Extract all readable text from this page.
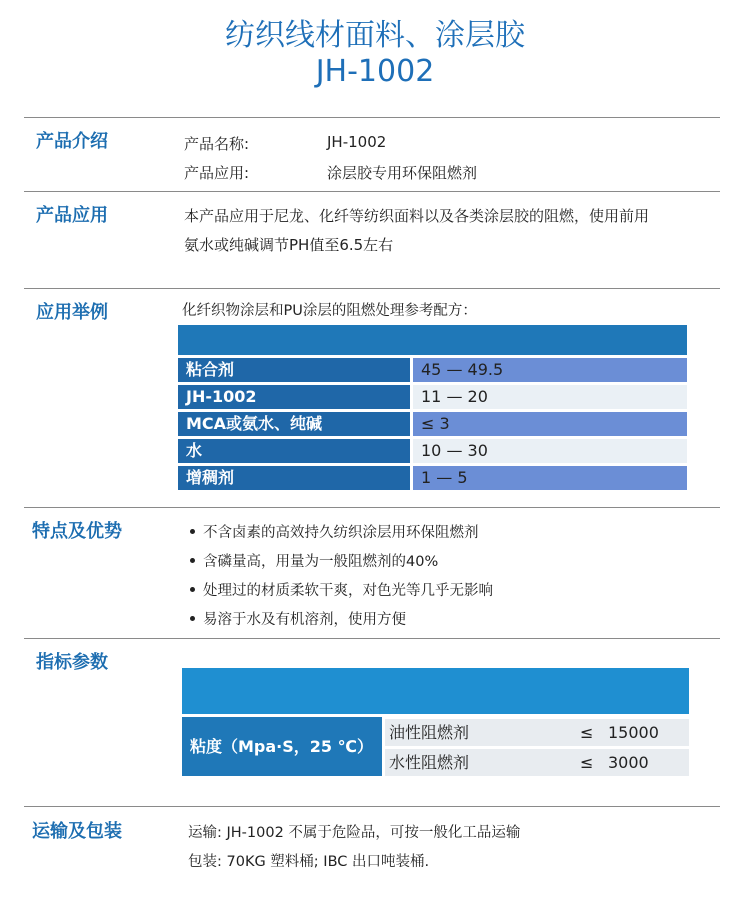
纺织线材面料、涂层胶
JH-1002
产品介绍	产品名称:	JH-1002
产品应用:	涂层胶专用环保阻燃剂
产品应用	本产品应用于尼龙、化纤等纺织面料以及各类涂层胶的阻燃，使用前用
氨水或纯碱调节PH值至6.5左右
应用举例	化纤织物涂层和PU涂层的阻燃处理参考配方：
粘合剂	45 — 49.5
JH-1002	11 — 20
MCA或氨水、纯碱	≤ 3
水	10 — 30
增稠剂	1 — 5
特点及优势	不含卤素的高效持久纺织涂层用环保阻燃剂
含磷量高，用量为一般阻燃剂的40%
处理过的材质柔软干爽，对色光等几乎无影响
易溶于水及有机溶剂，使用方便
指标参数
粘度（Mpa·S，25 ℃）
油性阻燃剂	≤ 15000
水性阻燃剂	≤ 3000
运输及包装	运输: JH-1002 不属于危险品，可按一般化工品运输
包装: 70KG 塑料桶; IBC 出口吨装桶.
